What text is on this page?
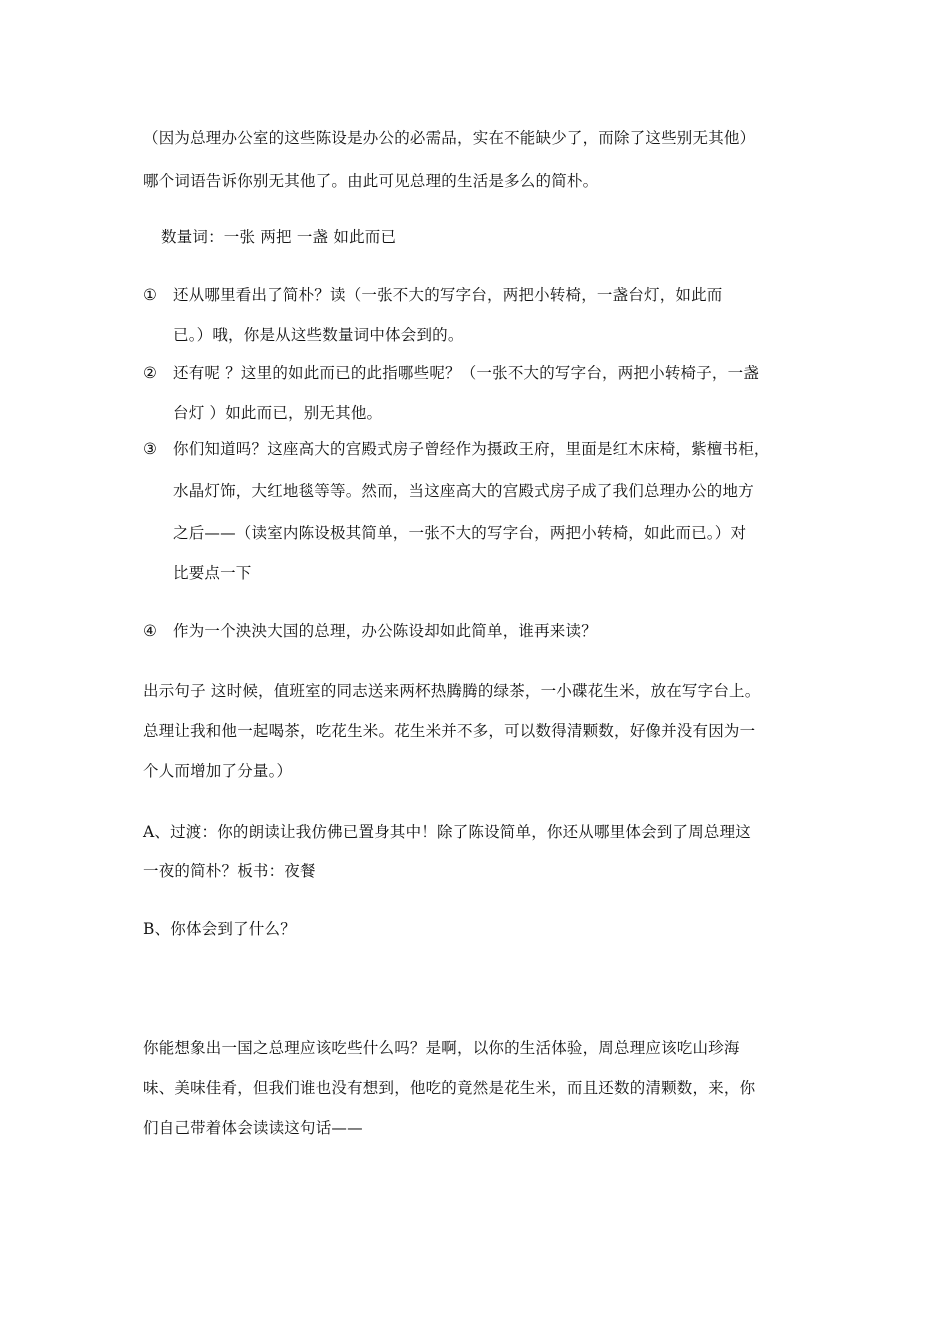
（因为总理办公室的这些陈设是办公的必需品，实在不能缺少了，而除了这些别无其他）
哪个词语告诉你别无其他了。由此可见总理的生活是多么的简朴。
数量词：一张 两把 一盏 如此而已
① 还从哪里看出了简朴？读（一张不大的写字台，两把小转椅，一盏台灯，如此而
已。）哦，你是从这些数量词中体会到的。
② 还有呢 ？这里的如此而已的此指哪些呢？（一张不大的写字台，两把小转椅子，一盏
台灯 ）如此而已，别无其他。
③ 你们知道吗？这座高大的宫殿式房子曾经作为摄政王府，里面是红木床椅，紫檀书柜，
水晶灯饰，大红地毯等等。然而，当这座高大的宫殿式房子成了我们总理办公的地方
之后——（读室内陈设极其简单，一张不大的写字台，两把小转椅，如此而已。）对
比要点一下
④ 作为一个泱泱大国的总理，办公陈设却如此简单，谁再来读？
出示句子 这时候，值班室的同志送来两杯热腾腾的绿茶，一小碟花生米，放在写字台上。
总理让我和他一起喝茶，吃花生米。花生米并不多，可以数得清颗数，好像并没有因为一
个人而增加了分量。）
A、过渡：你的朗读让我仿佛已置身其中！除了陈设简单，你还从哪里体会到了周总理这
一夜的简朴？板书：夜餐
B、你体会到了什么？
你能想象出一国之总理应该吃些什么吗？是啊，以你的生活体验，周总理应该吃山珍海
味、美味佳肴，但我们谁也没有想到，他吃的竟然是花生米，而且还数的清颗数，来，你
们自己带着体会读读这句话——
